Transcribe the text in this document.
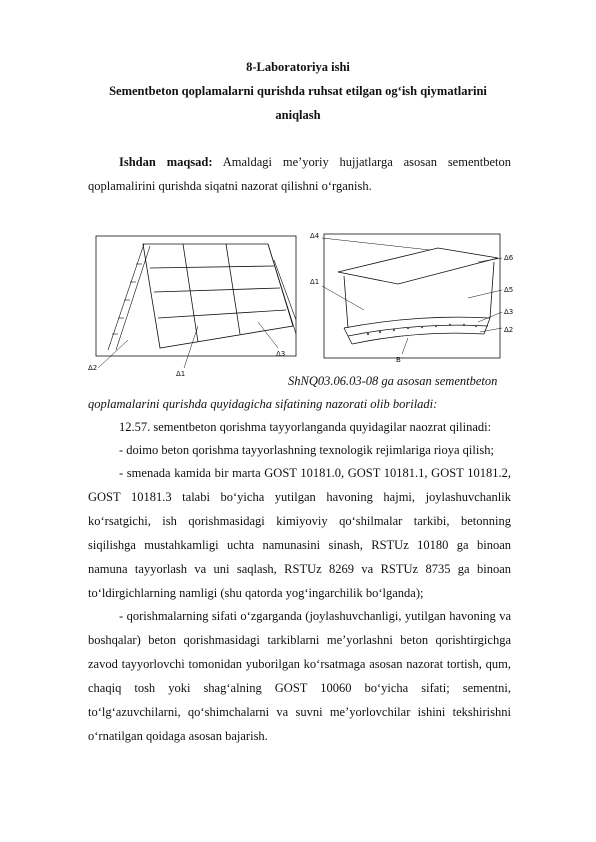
8-Laboratoriya ishi
Sementbeton qoplamalarni qurishda ruhsat etilgan og‘ish qiymatlarini
aniqlash
Ishdan maqsad: Amaldagi me’yoriy hujjatlarga asosan sementbeton
qoplamalirini qurishda siqatni nazorat qilishni o‘rganish.
Δ2
Δ1
Δ3
Δ4
Δ1
Δ6
Δ5
Δ3
Δ2
B
ShNQ03.06.03-08 ga asosan sementbeton
qoplamalarini qurishda quyidagicha sifatining nazorati olib boriladi:
12.57. sementbeton qorishma tayyorlanganda quyidagilar naozrat qilinadi:
- doimo beton qorishma tayyorlashning texnologik rejimlariga rioya qilish;
- smenada kamida bir marta GOST 10181.0, GOST 10181.1, GOST 10181.2,
GOST 10181.3 talabi bo‘yicha yutilgan havoning hajmi, joylashuvchanlik
ko‘rsatgichi, ish qorishmasidagi kimiyoviy qo‘shilmalar tarkibi, betonning
siqilishga mustahkamligi uchta namunasini sinash, RSTUz 10180 ga binoan
namuna tayyorlash va uni saqlash, RSTUz 8269 va RSTUz 8735 ga binoan
to‘ldirgichlarning namligi (shu qatorda yog‘ingarchilik bo‘lganda);
- qorishmalarning sifati o‘zgarganda (joylashuvchanligi, yutilgan havoning va
boshqalar) beton qorishmasidagi tarkiblarni me’yorlashni beton qorishtirgichga
zavod tayyorlovchi tomonidan yuborilgan ko‘rsatmaga asosan nazorat tortish, qum,
chaqiq tosh yoki shag‘alning GOST 10060 bo‘yicha sifati; sementni,
to‘lg‘azuvchilarni, qo‘shimchalarni va suvni me’yorlovchilar ishini tekshirishni
o‘rnatilgan qoidaga asosan bajarish.
